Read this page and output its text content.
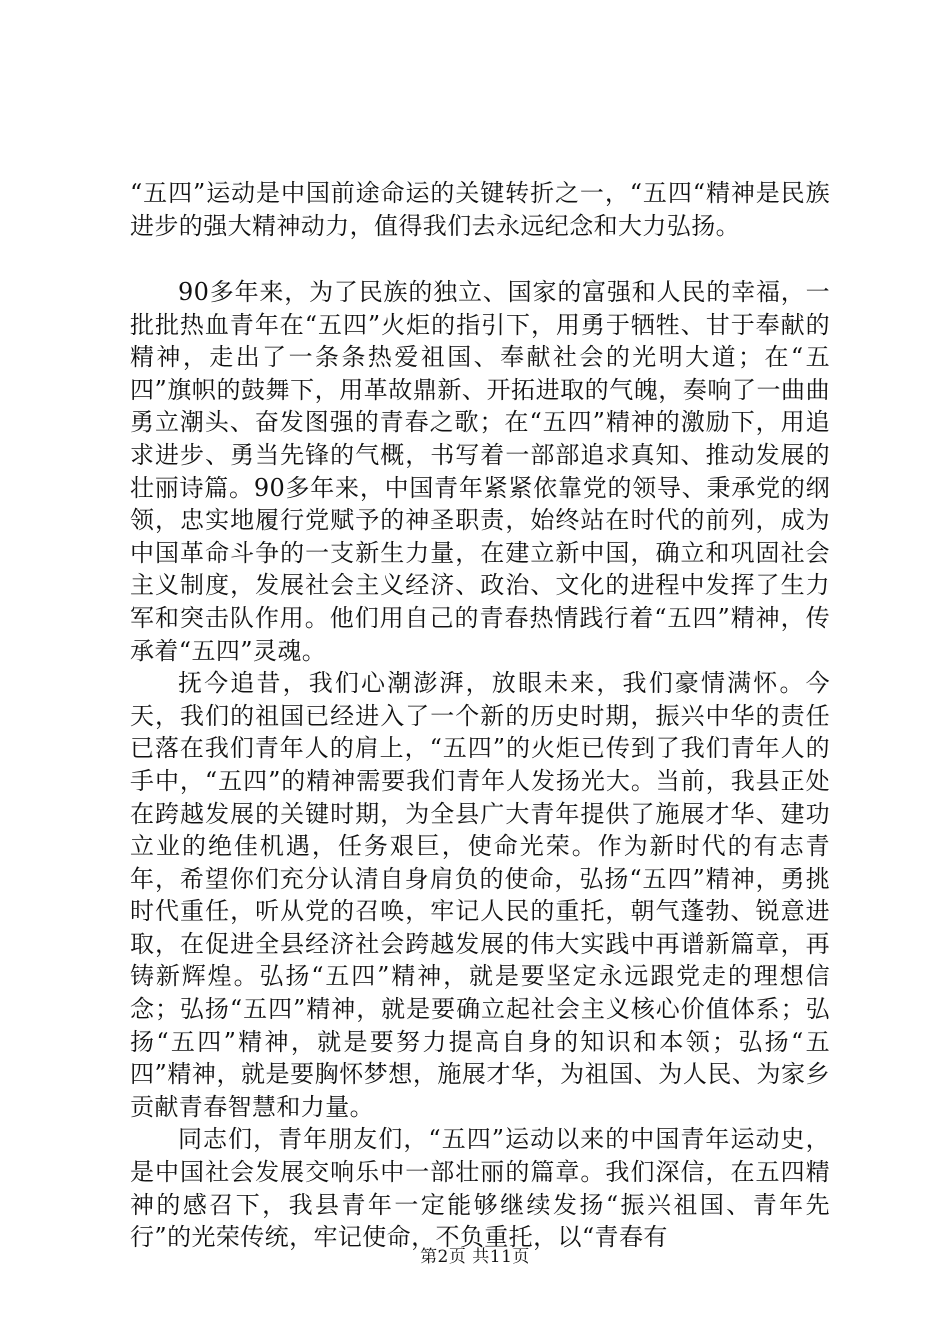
“五四”运动是中国前途命运的关键转折之一，“五四“精神是民族进步的强大精神动力，值得我们去永远纪念和大力弘扬。

90多年来，为了民族的独立、国家的富强和人民的幸福，一批批热血青年在“五四”火炬的指引下，用勇于牺牲、甘于奉献的精神，走出了一条条热爱祖国、奉献社会的光明大道；在“五四”旗帜的鼓舞下，用革故鼎新、开拓进取的气魄，奏响了一曲曲勇立潮头、奋发图强的青春之歌；在“五四”精神的激励下，用追求进步、勇当先锋的气概，书写着一部部追求真知、推动发展的壮丽诗篇。90多年来，中国青年紧紧依靠党的领导、秉承党的纲领，忠实地履行党赋予的神圣职责，始终站在时代的前列，成为中国革命斗争的一支新生力量，在建立新中国，确立和巩固社会主义制度，发展社会主义经济、政治、文化的进程中发挥了生力军和突击队作用。他们用自己的青春热情践行着“五四”精神，传承着“五四”灵魂。

抚今追昔，我们心潮澎湃，放眼未来，我们豪情满怀。今天，我们的祖国已经进入了一个新的历史时期，振兴中华的责任已落在我们青年人的肩上，“五四”的火炬已传到了我们青年人的手中，“五四”的精神需要我们青年人发扬光大。当前，我县正处在跨越发展的关键时期，为全县广大青年提供了施展才华、建功立业的绝佳机遇，任务艰巨，使命光荣。作为新时代的有志青年，希望你们充分认清自身肩负的使命，弘扬“五四”精神，勇挑时代重任，听从党的召唤，牢记人民的重托，朝气蓬勃、锐意进取，在促进全县经济社会跨越发展的伟大实践中再谱新篇章，再铸新辉煌。弘扬“五四”精神，就是要坚定永远跟党走的理想信念；弘扬“五四”精神，就是要确立起社会主义核心价值体系；弘扬“五四”精神，就是要努力提高自身的知识和本领；弘扬“五四”精神，就是要胸怀梦想，施展才华，为祖国、为人民、为家乡贡献青春智慧和力量。

同志们，青年朋友们，“五四”运动以来的中国青年运动史，是中国社会发展交响乐中一部壮丽的篇章。我们深信，在五四精神的感召下，我县青年一定能够继续发扬“振兴祖国、青年先行”的光荣传统，牢记使命，不负重托，以“青春有

第2页 共11页
